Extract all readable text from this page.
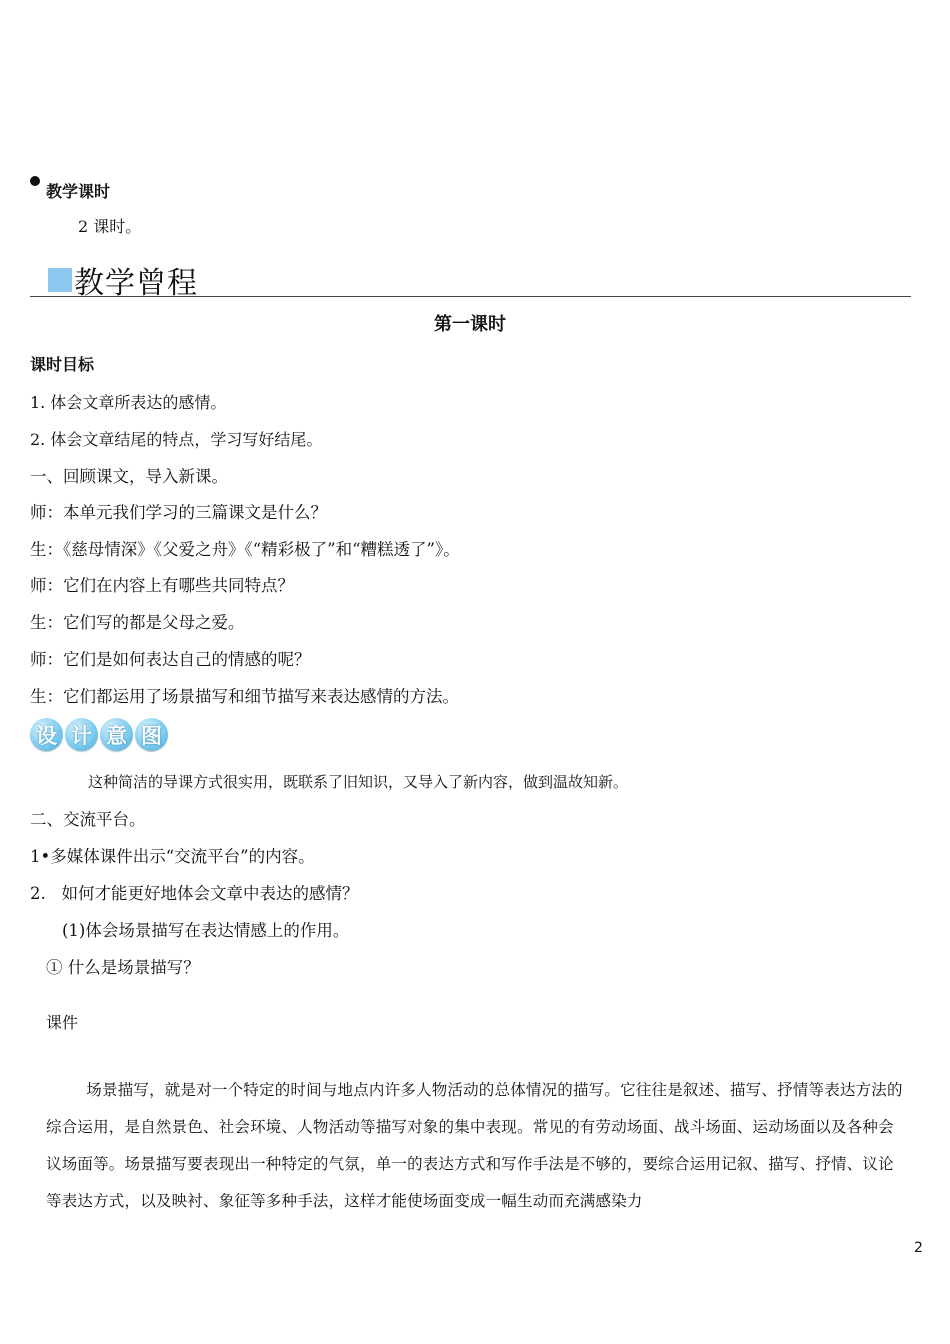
教学课时
2 课时。
教学曾程
第一课时
课时目标
1. 体会文章所表达的感情。
2. 体会文章结尾的特点，学习写好结尾。
一、回顾课文，导入新课。
师：本单元我们学习的三篇课文是什么？
生：《慈母情深》《父爱之舟》《“精彩极了”和“糟糕透了”》。
师：它们在内容上有哪些共同特点？
生：它们写的都是父母之爱。
师：它们是如何表达自己的情感的呢？
生：它们都运用了场景描写和细节描写来表达感情的方法。
设 计 意 图
这种简洁的导课方式很实用，既联系了旧知识，又导入了新内容，做到温故知新。
二、交流平台。
1•多媒体课件出示“交流平台”的内容。
2.   如何才能更好地体会文章中表达的感情？
(1)体会场景描写在表达情感上的作用。
① 什么是场景描写？
课件
场景描写，就是对一个特定的时间与地点内许多人物活动的总体情况的描写。它往往是叙述、描写、抒情等表达方法的综合运用，是自然景色、社会环境、人物活动等描写对象的集中表现。常见的有劳动场面、战斗场面、运动场面以及各种会议场面等。场景描写要表现出一种特定的气氛，单一的表达方式和写作手法是不够的，要综合运用记叙、描写、抒情、议论等表达方式，以及映衬、象征等多种手法，这样才能使场面变成一幅生动而充满感染力
2
